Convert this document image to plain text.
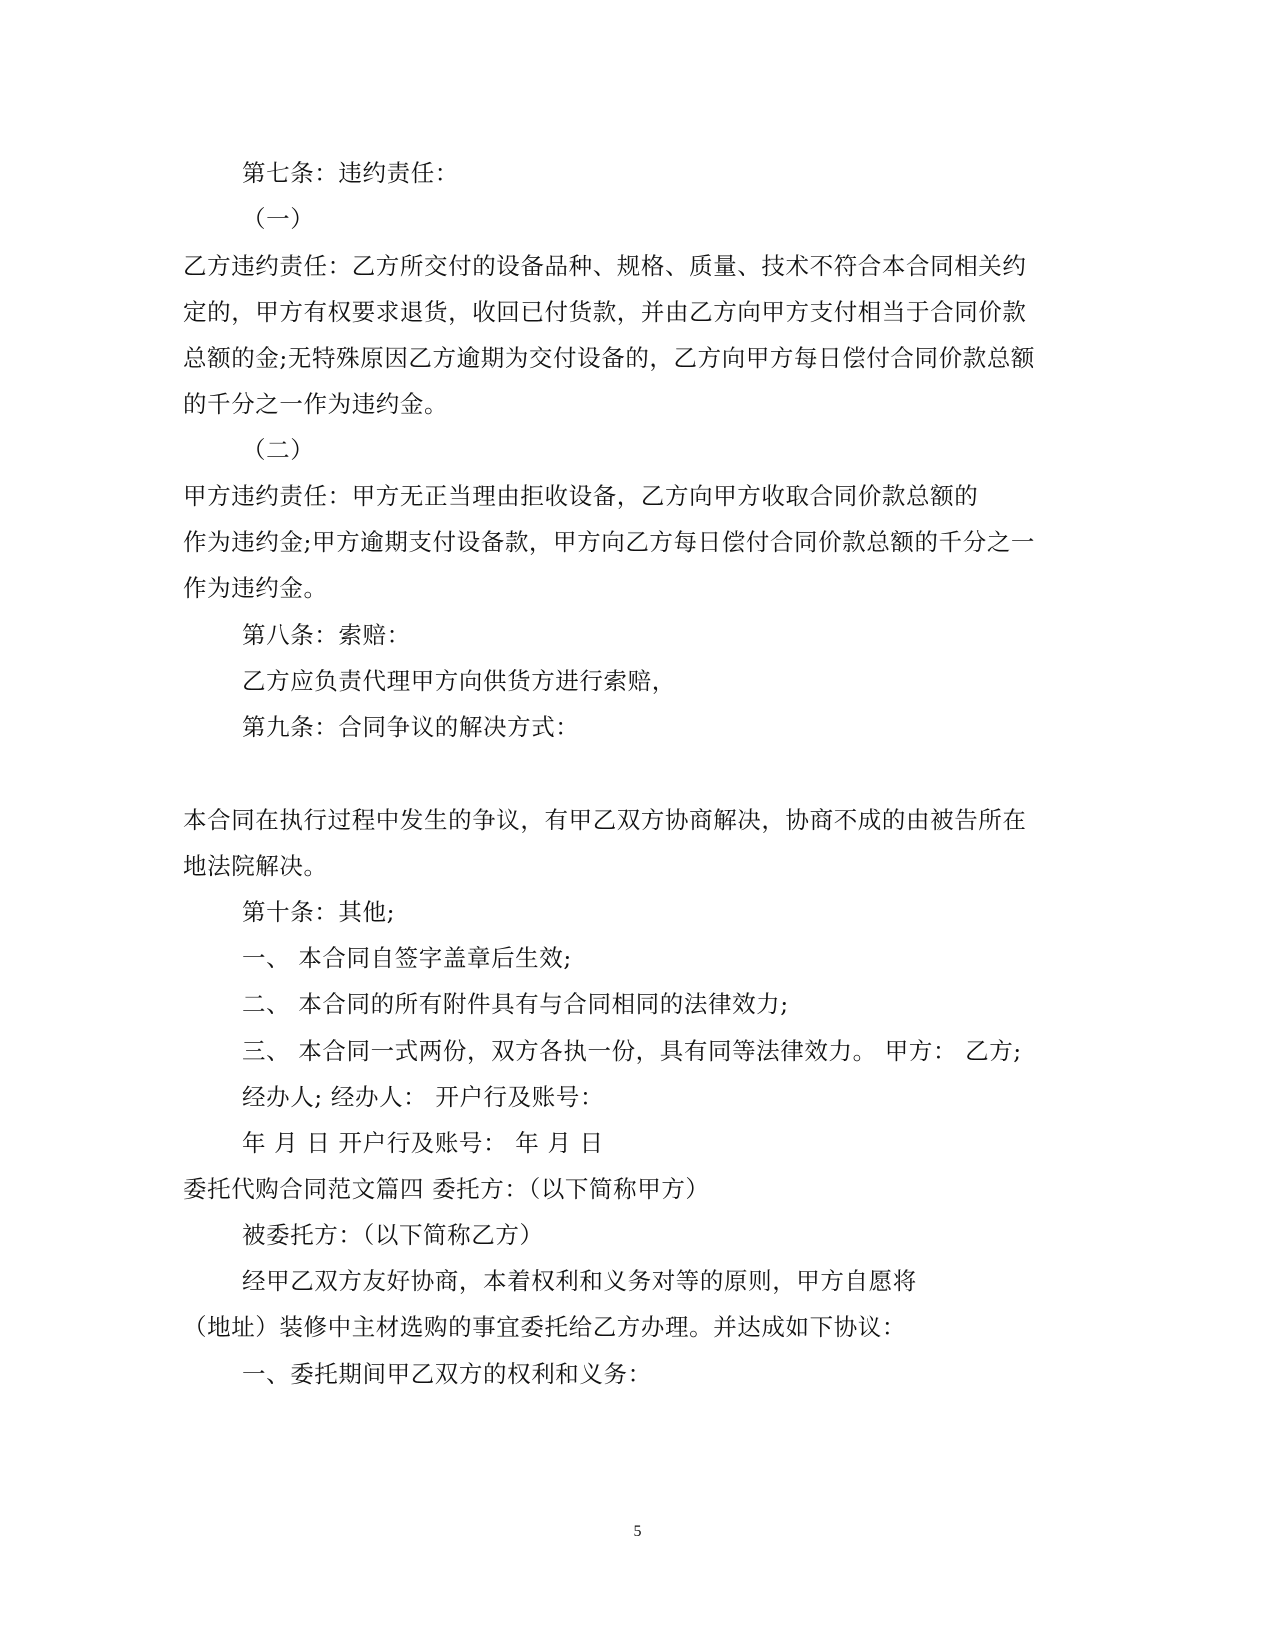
第七条：违约责任：
（一）
乙方违约责任：乙方所交付的设备品种、规格、质量、技术不符合本合同相关约
定的，甲方有权要求退货，收回已付货款，并由乙方向甲方支付相当于合同价款
总额的金;无特殊原因乙方逾期为交付设备的，乙方向甲方每日偿付合同价款总额
的千分之一作为违约金。
（二）
甲方违约责任：甲方无正当理由拒收设备，乙方向甲方收取合同价款总额的
作为违约金;甲方逾期支付设备款，甲方向乙方每日偿付合同价款总额的千分之一
作为违约金。
第八条：索赔：
乙方应负责代理甲方向供货方进行索赔，
第九条：合同争议的解决方式：
本合同在执行过程中发生的争议，有甲乙双方协商解决，协商不成的由被告所在
地法院解决。
第十条：其他;
一、 本合同自签字盖章后生效;
二、 本合同的所有附件具有与合同相同的法律效力;
三、 本合同一式两份，双方各执一份，具有同等法律效力。 甲方： 乙方;
经办人; 经办人： 开户行及账号：
年 月 日 开户行及账号： 年 月 日
委托代购合同范文篇四 委托方：（以下简称甲方）
被委托方：（以下简称乙方）
经甲乙双方友好协商，本着权利和义务对等的原则，甲方自愿将
（地址）装修中主材选购的事宜委托给乙方办理。并达成如下协议：
一、委托期间甲乙双方的权利和义务：
5
